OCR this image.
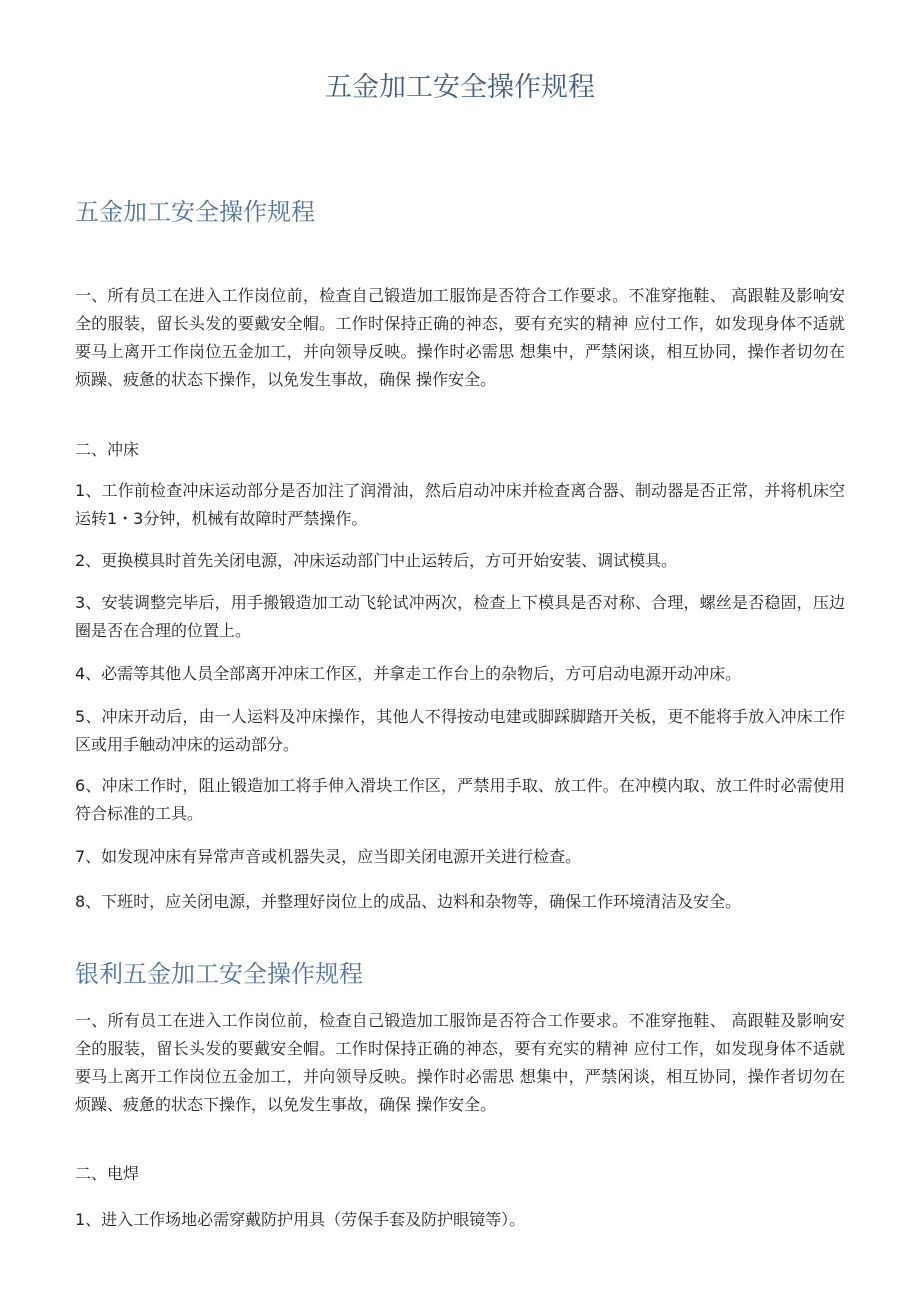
五金加工安全操作规程
五金加工安全操作规程
一、所有员工在进入工作岗位前，检查自己锻造加工服饰是否符合工作要求。不准穿拖鞋、 高跟鞋及影响安全的服装，留长头发的要戴安全帽。工作时保持正确的神态，要有充实的精神 应付工作，如发现身体不适就要马上离开工作岗位五金加工，并向领导反映。操作时必需思 想集中，严禁闲谈，相互协同，操作者切勿在烦躁、疲惫的状态下操作，以免发生事故，确保 操作安全。
二、冲床
1、工作前检查冲床运动部分是否加注了润滑油，然后启动冲床并检查离合器、制动器是否正常，并将机床空运转1・3分钟，机械有故障时严禁操作。
2、更换模具时首先关闭电源，冲床运动部门中止运转后，方可开始安装、调试模具。
3、安装调整完毕后，用手搬锻造加工动飞轮试冲两次，检查上下模具是否对称、合理，螺丝是否稳固，压边圈是否在合理的位置上。
4、必需等其他人员全部离开冲床工作区，并拿走工作台上的杂物后，方可启动电源开动冲床。
5、冲床开动后，由一人运料及冲床操作，其他人不得按动电建或脚踩脚踏开关板，更不能将手放入冲床工作区或用手触动冲床的运动部分。
6、冲床工作时，阻止锻造加工将手伸入滑块工作区，严禁用手取、放工件。在冲模内取、放工件时必需使用符合标准的工具。
7、如发现冲床有异常声音或机器失灵，应当即关闭电源开关进行检查。
8、下班时，应关闭电源，并整理好岗位上的成品、边料和杂物等，确保工作环境清洁及安全。
银利五金加工安全操作规程
一、所有员工在进入工作岗位前，检查自己锻造加工服饰是否符合工作要求。不准穿拖鞋、 高跟鞋及影响安全的服装，留长头发的要戴安全帽。工作时保持正确的神态，要有充实的精神 应付工作，如发现身体不适就要马上离开工作岗位五金加工，并向领导反映。操作时必需思 想集中，严禁闲谈，相互协同，操作者切勿在烦躁、疲惫的状态下操作，以免发生事故，确保 操作安全。
二、电焊
1、进入工作场地必需穿戴防护用具（劳保手套及防护眼镜等）。
